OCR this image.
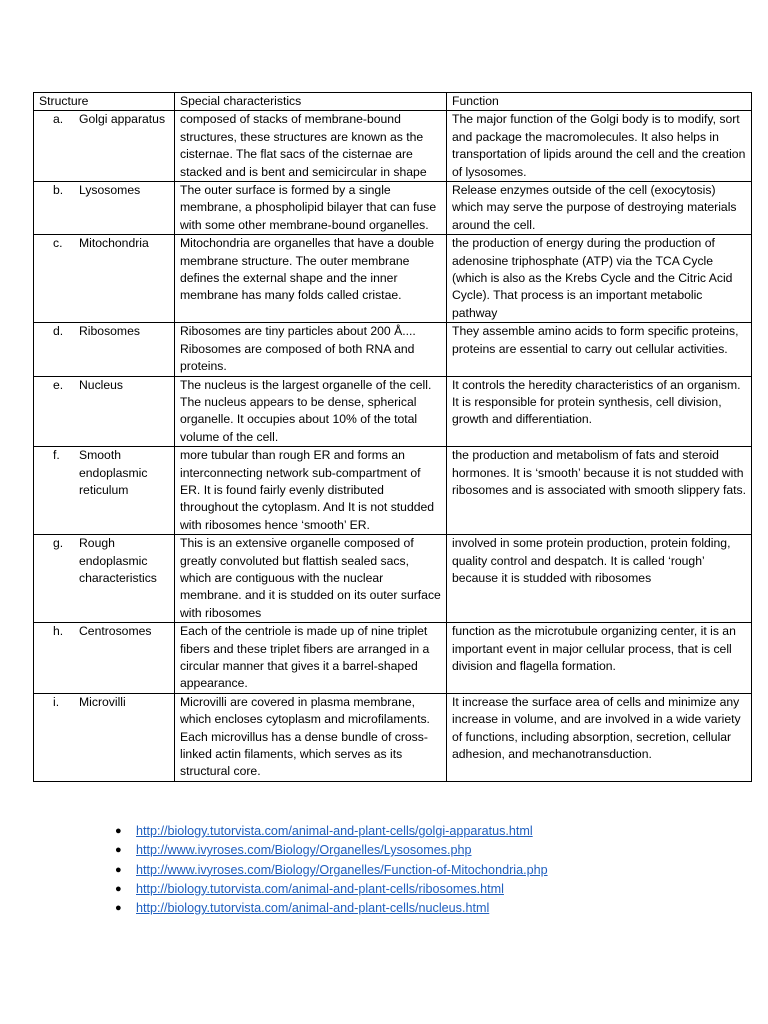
Structure	Special characteristics	Function

a. Golgi apparatus	composed of stacks of membrane-bound structures, these structures are known as the cisternae. The flat sacs of the cisternae are stacked and is bent and semicircular in shape	The major function of the Golgi body is to modify, sort and package the macromolecules. It also helps in transportation of lipids around the cell and the creation of lysosomes.

b. Lysosomes	The outer surface is formed by a single membrane, a phospholipid bilayer that can fuse with some other membrane-bound organelles.	Release enzymes outside of the cell (exocytosis) which may serve the purpose of destroying materials around the cell.

c. Mitochondria	Mitochondria are organelles that have a double membrane structure. The outer membrane defines the external shape and the inner membrane has many folds called cristae.	the production of energy during the production of adenosine triphosphate (ATP) via the TCA Cycle (which is also as the Krebs Cycle and the Citric Acid Cycle). That process is an important metabolic pathway

d. Ribosomes	Ribosomes are tiny particles about 200 Å.... Ribosomes are composed of both RNA and proteins.	They assemble amino acids to form specific proteins, proteins are essential to carry out cellular activities.

e. Nucleus	The nucleus is the largest organelle of the cell. The nucleus appears to be dense, spherical organelle. It occupies about 10% of the total volume of the cell.	It controls the heredity characteristics of an organism. It is responsible for protein synthesis, cell division, growth and differentiation.

f. Smooth endoplasmic reticulum	more tubular than rough ER and forms an interconnecting network sub-compartment of ER. It is found fairly evenly distributed throughout the cytoplasm. And It is not studded with ribosomes hence ‘smooth’ ER.	the production and metabolism of fats and steroid hormones. It is ‘smooth’ because it is not studded with ribosomes and is associated with smooth slippery fats.

g. Rough endoplasmic characteristics	This is an extensive organelle composed of greatly convoluted but flattish sealed sacs, which are contiguous with the nuclear membrane. and it is studded on its outer surface with ribosomes	involved in some protein production, protein folding, quality control and despatch. It is called ‘rough’ because it is studded with ribosomes

h. Centrosomes	Each of the centriole is made up of nine triplet fibers and these triplet fibers are arranged in a circular manner that gives it a barrel-shaped appearance.	function as the microtubule organizing center, it is an important event in major cellular process, that is cell division and flagella formation.

i. Microvilli	Microvilli are covered in plasma membrane, which encloses cytoplasm and microfilaments. Each microvillus has a dense bundle of cross-linked actin filaments, which serves as its structural core.	It increase the surface area of cells and minimize any increase in volume, and are involved in a wide variety of functions, including absorption, secretion, cellular adhesion, and mechanotransduction.
● http://biology.tutorvista.com/animal-and-plant-cells/golgi-apparatus.html
● http://www.ivyroses.com/Biology/Organelles/Lysosomes.php
● http://www.ivyroses.com/Biology/Organelles/Function-of-Mitochondria.php
● http://biology.tutorvista.com/animal-and-plant-cells/ribosomes.html
● http://biology.tutorvista.com/animal-and-plant-cells/nucleus.html
